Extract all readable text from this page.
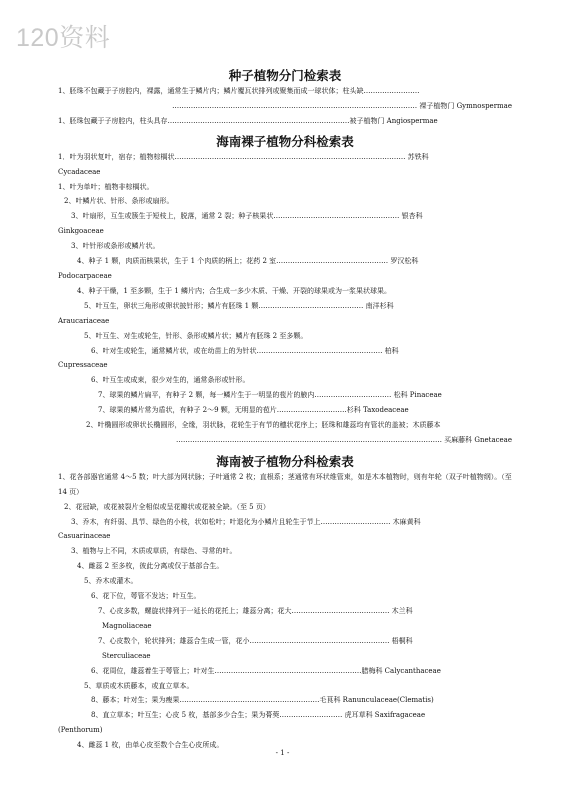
120资料
种子植物分门检索表
1、胚珠不包藏于子房腔内，裸露，通常生于鳞片内；鳞片覆瓦状排列或聚集而成一球状体；柱头缺……………………
…………………………………………………………………………………………… 裸子植物门 Gymnospermae
1、胚珠包藏于子房腔内，柱头具存……………………………………………………………………被子植物门 Angiospermae
海南裸子植物分科检索表
1．叶为羽状复叶，宿存；植物棕榈状……………………………………………………………………………………… 苏铁科
Cycadaceae
1、叶为单叶；植物非棕榈状。
2、叶鳞片状、针形、条形或扇形。
3、叶扇形，互生或簇生于短枝上，脱落，通常 2 裂；种子核果状……………………………………………… 银杏科
Ginkgoaceae
3、叶针形或条形或鳞片状。
4、种子 1 颗，肉质而核果状，生于 1 个肉质的柄上；花药 2 室………………………………………… 罗汉松科
Podocarpaceae
4、种子干燥，1 至多颗，生于 1 鳞片内；合生成一多少木质、干燥、开裂的球果或为一浆果状球果。
5、叶互生，卵状三角形或卵状披针形；鳞片有胚珠 1 颗……………………………………… 南洋杉科
Araucariaceae
5、叶互生、对生或轮生，针形、条形或鳞片状；鳞片有胚珠 2 至多颗。
6、叶对生或轮生，通常鳞片状，或在幼苗上的为针状……………………………………………… 柏科
Cupressaceae
6、叶互生或成束，很少对生的，通常条形或针形。
7、球果的鳞片扁平，有种子 2 颗，每一鳞片生于一明显的苞片的腋内…………………………… 松科 Pinaceae
7、球果的鳞片常为盾状，有种子 2～9 颗，无明显的苞片…………………………杉科 Taxodeaceae
2、叶椭圆形或卵状长椭圆形，全缘，羽状脉，花轮生于有节的穗状花序上；胚珠和雄蕊均有管状的盖被；木质藤本
…………………………………………………………………………………………………… 买麻藤科 Gnetaceae
海南被子植物分科检索表
1、花各部器官通常 4～5 数；叶大部为网状脉；子叶通常 2 枚；直根系；茎通常有环状维管束，如是木本植物时，则有年轮（双子叶植物纲）。（至 14 页）
2、花冠缺，或花被裂片全相似或呈花瓣状或花被全缺。（至 5 页）
3、乔木，有纤弱、具节、绿色的小枝，状如松叶；叶退化为小鳞片且轮生于节上………………………… 木麻黄科
Casuarinaceae
3、植物与上不同，木质或草质，有绿色、寻常的叶。
4、雌蕊 2 至多枚，彼此分离或仅于基部合生。
5、乔木或灌木。
6、花下位，萼管不发达；叶互生。
7、心皮多数，螺旋状排列于一延长的花托上；雄蕊分离；花大…………………………………… 木兰科
Magnoliaceae
7、心皮数个，轮状排列；雄蕊合生成一管，花小…………………………………………………… 梧桐科
Sterculiaceae
6、花周位，雄蕊着生于萼管上；叶对生………………………………………………………腊梅科 Calycanthaceae
5、草质或木质藤本，或直立草本。
8、藤本；叶对生；果为瘦果……………………………………………………毛茛科 Ranunculaceae(Clematis)
8、直立草本；叶互生；心皮 5 枚，基部多少合生；果为蓇葖……………………… 虎耳草科 Saxifragaceae
(Penthorum)
4、雌蕊 1 枚，由单心皮至数个合生心皮所成。
- 1 -
